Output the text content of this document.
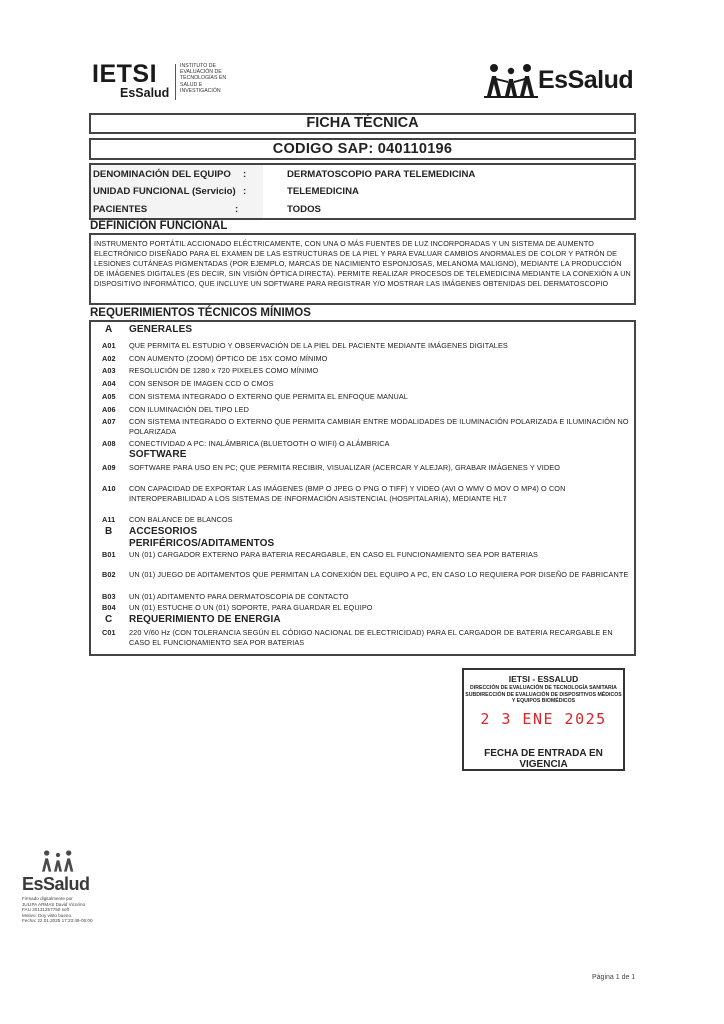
IETSI
EsSalud
INSTITUTO DE EVALUACIÓN DE TECNOLOGÍAS EN SALUD E INVESTIGACIÓN	EsSalud
FICHA TÉCNICA
CODIGO SAP: 040110196
DENOMINACIÓN DEL EQUIPO :	DERMATOSCOPIO PARA TELEMEDICINA
UNIDAD FUNCIONAL (Servicio) :	TELEMEDICINA
PACIENTES	:	TODOS
DEFINICIÓN FUNCIONAL
INSTRUMENTO PORTÁTIL ACCIONADO ELÉCTRICAMENTE, CON UNA O MÁS FUENTES DE LUZ INCORPORADAS Y UN SISTEMA DE AUMENTO ELECTRÓNICO DISEÑADO PARA EL EXAMEN DE LAS ESTRUCTURAS DE LA PIEL Y PARA EVALUAR CAMBIOS ANORMALES DE COLOR Y PATRÓN DE LESIONES CUTÁNEAS PIGMENTADAS (POR EJEMPLO, MARCAS DE NACIMIENTO ESPONJOSAS, MELANOMA MALIGNO), MEDIANTE LA PRODUCCIÓN DE IMÁGENES DIGITALES (ES DECIR, SIN VISIÓN ÓPTICA DIRECTA). PERMITE REALIZAR PROCESOS DE TELEMEDICINA MEDIANTE LA CONEXIÓN A UN DISPOSITIVO INFORMÁTICO, QUE INCLUYE UN SOFTWARE PARA REGISTRAR Y/O MOSTRAR LAS IMÁGENES OBTENIDAS DEL DERMATOSCOPIO
REQUERIMIENTOS TÉCNICOS MÍNIMOS
A GENERALES
A01 QUE PERMITA EL ESTUDIO Y OBSERVACIÓN DE LA PIEL DEL PACIENTE MEDIANTE IMÁGENES DIGITALES
A02 CON AUMENTO (ZOOM) ÓPTICO DE 15X COMO MÍNIMO
A03 RESOLUCIÓN DE 1280 x 720 PIXELES COMO MÍNIMO
A04 CON SENSOR DE IMAGEN CCD O CMOS
A05 CON SISTEMA INTEGRADO O EXTERNO QUE PERMITA EL ENFOQUE MANUAL
A06 CON ILUMINACIÓN DEL TIPO LED
A07 CON SISTEMA INTEGRADO O EXTERNO QUE PERMITA CAMBIAR ENTRE MODALIDADES DE ILUMINACIÓN POLARIZADA E ILUMINACIÓN NO POLARIZADA
A08 CONECTIVIDAD A PC: INALÁMBRICA (BLUETOOTH O WIFI) O ALÁMBRICA
SOFTWARE
A09 SOFTWARE PARA USO EN PC; QUE PERMITA RECIBIR, VISUALIZAR (ACERCAR Y ALEJAR), GRABAR IMÁGENES Y VIDEO
A10 CON CAPACIDAD DE EXPORTAR LAS IMÁGENES (BMP O JPEG O PNG O TIFF) Y VIDEO (AVI O WMV O MOV O MP4) O CON INTEROPERABILIDAD A LOS SISTEMAS DE INFORMACIÓN ASISTENCIAL (HOSPITALARIA), MEDIANTE HL7
A11 CON BALANCE DE BLANCOS
B ACCESORIOS
PERIFÉRICOS/ADITAMENTOS
B01 UN (01) CARGADOR EXTERNO PARA BATERIA RECARGABLE, EN CASO EL FUNCIONAMIENTO SEA POR BATERIAS
B02 UN (01) JUEGO DE ADITAMENTOS QUE PERMITAN LA CONEXIÓN DEL EQUIPO A PC, EN CASO LO REQUIERA POR DISEÑO DE FABRICANTE
B03 UN (01) ADITAMENTO PARA DERMATOSCOPIA DE CONTACTO
B04 UN (01) ESTUCHE O UN (01) SOPORTE, PARA GUARDAR EL EQUIPO
C REQUERIMIENTO DE ENERGIA
C01 220 V/60 Hz (CON TOLERANCIA SEGÚN EL CÓDIGO NACIONAL DE ELECTRICIDAD) PARA EL CARGADOR DE BATERIA RECARGABLE EN CASO EL FUNCIONAMIENTO SEA POR BATERIAS
IETSI - ESSALUD
DIRECCIÓN DE EVALUACIÓN DE TECNOLOGÍA SANITARIA SUBDIRECCIÓN DE EVALUACIÓN DE DISPOSITIVOS MÉDICOS Y EQUIPOS BIOMÉDICOS
2 3 ENE 2025
FECHA DE ENTRADA EN VIGENCIA
EsSalud
Firmado digitalmente por
JULIPA ARMAS David Vicorino
FAU 20131257750 soft
Motivo: Doy visto bueno.
Fecha: 22.01.2025 17:23:49-05:00
Página 1 de 1
